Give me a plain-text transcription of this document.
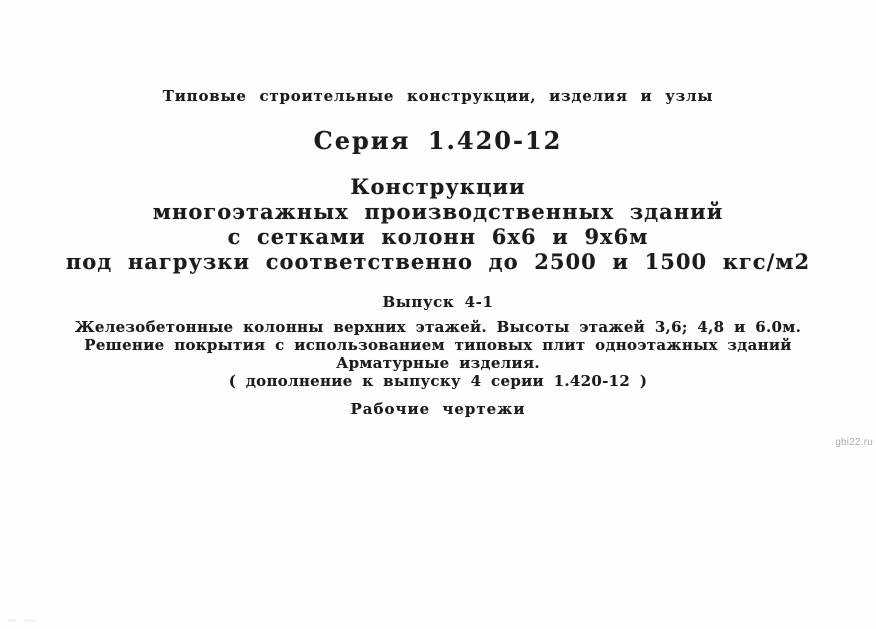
Типовые строительные конструкции, изделия и узлы
Серия 1.420-12
Конструкции
многоэтажных производственных зданий
с сетками колонн 6х6 и 9х6м
под нагрузки соответственно до 2500 и 1500 кгс/м2
Выпуск 4-1
Железобетонные колонны верхних этажей. Высоты этажей 3,6; 4,8 и 6.0м.
Решение покрытия с использованием типовых плит одноэтажных зданий
Арматурные изделия.
( дополнение к выпуску 4 серии 1.420-12 )
Рабочие чертежи
gbi22.ru
